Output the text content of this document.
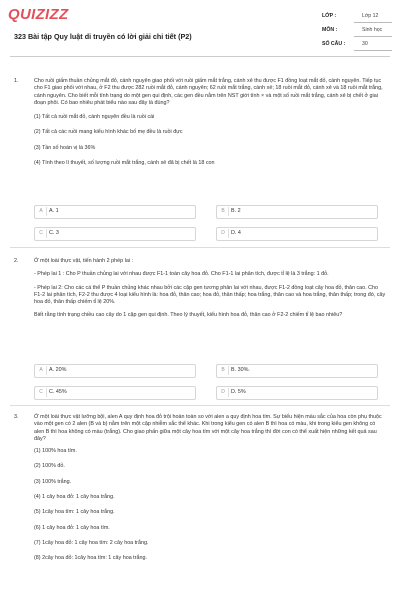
QUIZIZZ
323 Bài tập Quy luật di truyền có lời giải chi tiết (P2)
LỚP :	Lớp 12
MÔN :	Sinh học
SỐ CÂU :	30
1.	Cho ruồi giấm thuần chủng mắt đỏ, cánh nguyên giao phối với ruồi giấm mắt trắng, cánh xẻ thu được F1 đồng loạt mắt đỏ, cánh nguyên. Tiếp tục cho F1 giao phối với nhau, ở F2 thu được 282 ruồi mắt đỏ, cánh nguyên; 62 ruồi mắt trắng, cánh xẻ; 18 ruồi mắt đỏ, cánh xẻ và 18 ruồi mắt trắng, cánh nguyên. Cho biết mỗi tính trạng do một gen qui định, các gen đều nằm trên NST giới tính × và một số ruồi mắt trắng, cánh xẻ bị chết ở giai đoạn phôi. Có bao nhiêu phát biểu nào sau đây là đúng?

(1) Tất cả ruồi mắt đỏ, cánh nguyên đều là ruồi cái

(2) Tất cả các ruồi mang kiểu hình khác bố mẹ đều là ruồi đực

(3) Tần số hoán vị là 36%

(4) Tính theo lí thuyết, số lượng ruồi mắt trắng, cánh xẻ đã bị chết là 18 con

A	A. 1	B	B. 2
C	C. 3	D	D. 4
2.	Ở một loài thực vật, tiến hành 2 phép lai :

- Phép lai 1 : Cho P thuần chủng lai với nhau được F1-1 toàn cây hoa đỏ. Cho F1-1 lai phân tích, được tỉ lệ là 3 trắng: 1 đỏ.

- Phép lai 2: Cho các cá thể P thuần chủng khác nhau bởi các cặp gen tương phản lai với nhau, được F1-2 đồng loạt cây hoa đỏ, thân cao. Cho F1-2 lai phân tích, F2-2 thu được 4 loại kiểu hình là: hoa đỏ, thân cao; hoa đỏ, thân thấp; hoa trắng, thân cao và hoa trắng, thân thấp; trong đó, cây hoa đỏ, thân thấp chiếm tỉ lệ 20%.

Biết rằng tính trạng chiều cao cây do 1 cặp gen qui định. Theo lý thuyết, kiểu hình hoa đỏ, thân cao ở F2-2 chiếm tỉ lệ bao nhiêu?

A	A. 20%	B	B. 30%.
C	C. 45%	D	D. 5%
3.	Ở một loài thực vật lưỡng bội, alen A quy định hoa đỏ trội hoàn toàn so với alen a quy định hoa tím. Sự biểu hiện màu sắc của hoa còn phụ thuộc vào một gen có 2 alen (B và b) nằm trên một cặp nhiễm sắc thể khác. Khi trong kiểu gen có alen B thì hoa có màu, khi trong kiểu gen không có alen B thì hoa không có màu (trắng). Cho giao phấn giữa một cây hoa tím với một cây hoa trắng thì đời con có thể xuất hiện những kết quả sau đây?

(1) 100% hoa tím.

(2) 100% đỏ.

(3) 100% trắng.

(4) 1 cây hoa đỏ: 1 cây hoa trắng.

(5) 1cây hoa tím: 1 cây hoa trắng.

(6) 1 cây hoa đỏ: 1 cây hoa tím.

(7) 1cây hoa đỏ: 1 cây hoa tím: 2 cây hoa trắng.

(8) 2cây hoa đỏ: 1cây hoa tím: 1 cây hoa trắng.
